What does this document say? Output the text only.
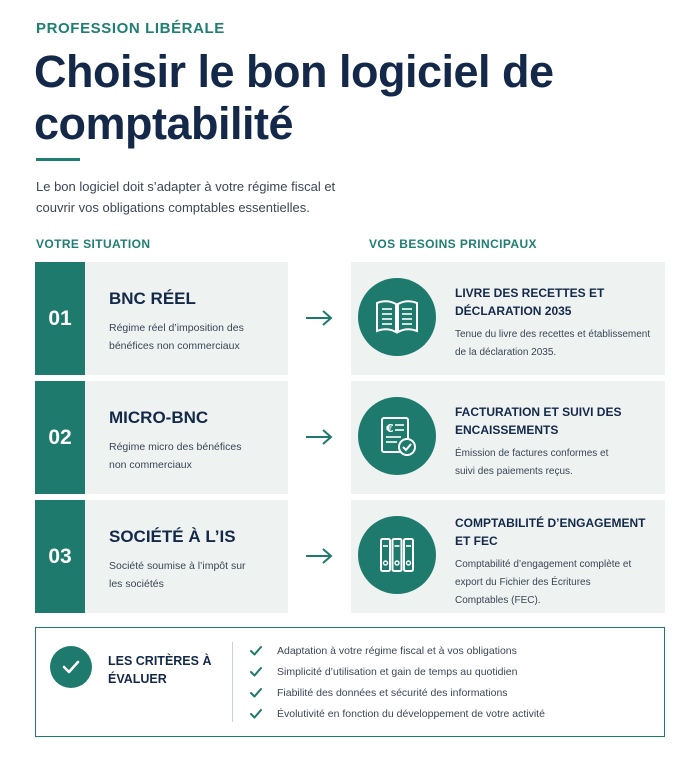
PROFESSION LIBÉRALE
Choisir le bon logiciel de comptabilité

Le bon logiciel doit s’adapter à votre régime fiscal et couvrir vos obligations comptables essentielles.

VOTRE SITUATION	VOS BESOINS PRINCIPAUX
01
BNC RÉEL
Régime réel d’imposition des bénéfices non commerciaux
LIVRE DES RECETTES ET DÉCLARATION 2035
Tenue du livre des recettes et établissement de la déclaration 2035.
02
MICRO-BNC
Régime micro des bénéfices non commerciaux
€
FACTURATION ET SUIVI DES ENCAISSEMENTS
Émission de factures conformes et suivi des paiements reçus.
03
SOCIÉTÉ À L’IS
Société soumise à l’impôt sur les sociétés
COMPTABILITÉ D’ENGAGEMENT ET FEC
Comptabilité d’engagement complète et export du Fichier des Écritures Comptables (FEC).
LES CRITÈRES À ÉVALUER
Adaptation à votre régime fiscal et à vos obligations
Simplicité d’utilisation et gain de temps au quotidien
Fiabilité des données et sécurité des informations
Évolutivité en fonction du développement de votre activité
